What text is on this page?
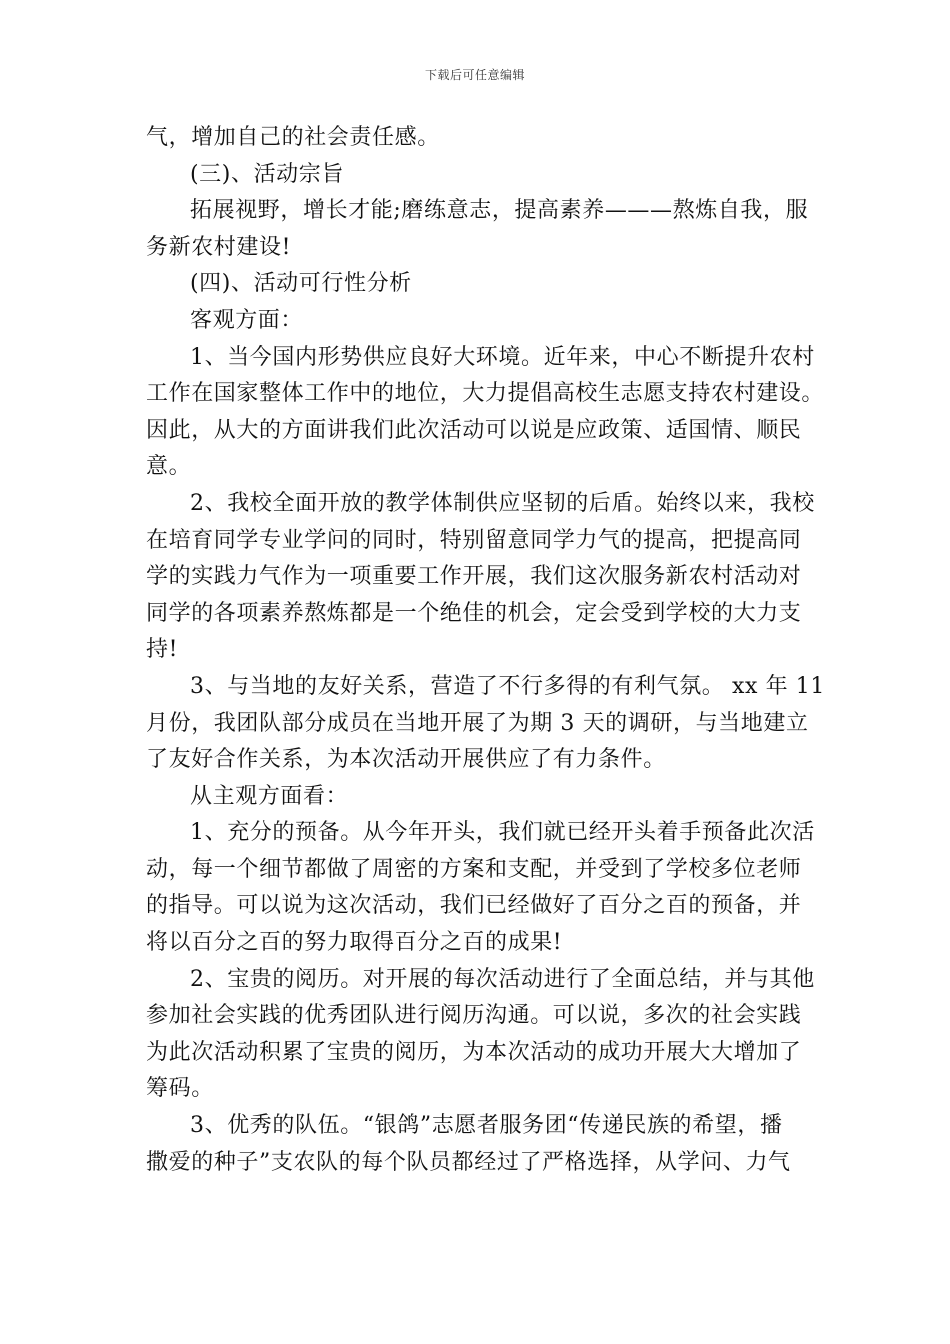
下载后可任意编辑
气，增加自己的社会责任感。
(三)、活动宗旨
拓展视野，增长才能;磨练意志，提高素养———熬炼自我，服
务新农村建设!
(四)、活动可行性分析
客观方面：
1、当今国内形势供应良好大环境。近年来，中心不断提升农村
工作在国家整体工作中的地位，大力提倡高校生志愿支持农村建设。
因此，从大的方面讲我们此次活动可以说是应政策、适国情、顺民
意。
2、我校全面开放的教学体制供应坚韧的后盾。始终以来，我校
在培育同学专业学问的同时，特别留意同学力气的提高，把提高同
学的实践力气作为一项重要工作开展，我们这次服务新农村活动对
同学的各项素养熬炼都是一个绝佳的机会，定会受到学校的大力支
持!
3、与当地的友好关系，营造了不行多得的有利气氛。 xx 年 11
月份，我团队部分成员在当地开展了为期 3 天的调研，与当地建立
了友好合作关系，为本次活动开展供应了有力条件。
从主观方面看：
1、充分的预备。从今年开头，我们就已经开头着手预备此次活
动，每一个细节都做了周密的方案和支配，并受到了学校多位老师
的指导。可以说为这次活动，我们已经做好了百分之百的预备，并
将以百分之百的努力取得百分之百的成果!
2、宝贵的阅历。对开展的每次活动进行了全面总结，并与其他
参加社会实践的优秀团队进行阅历沟通。可以说，多次的社会实践
为此次活动积累了宝贵的阅历，为本次活动的成功开展大大增加了
筹码。
3、优秀的队伍。“银鸽”志愿者服务团“传递民族的希望，播
撒爱的种子”支农队的每个队员都经过了严格选择，从学问、力气
